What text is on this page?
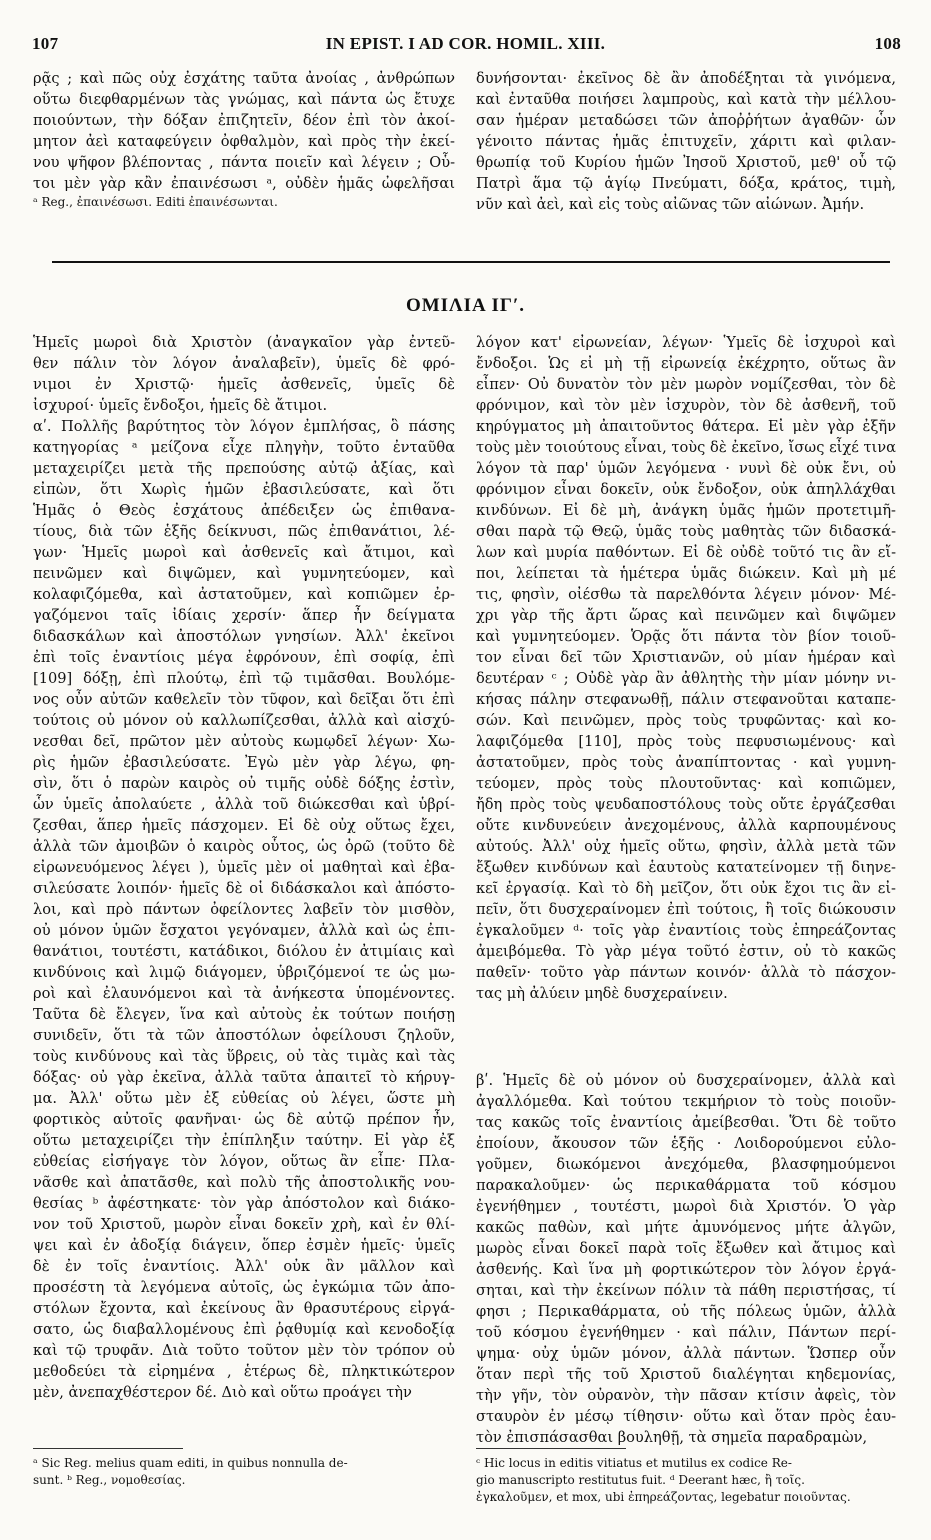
107	IN EPIST. I AD COR. HOMIL. XIII.	108
ρᾷς ; καὶ πῶς οὐχ ἐσχάτης ταῦτα ἀνοίας , ἀνθρώπων
οὕτω διεφθαρμένων τὰς γνώμας, καὶ πάντα ὡς ἔτυχε
ποιούντων, τὴν δόξαν ἐπιζητεῖν, δέον ἐπὶ τὸν ἀκοί-
μητον ἀεὶ καταφεύγειν ὀφθαλμὸν, καὶ πρὸς τὴν ἐκεί-
νου ψῆφον βλέποντας , πάντα ποιεῖν καὶ λέγειν ; Οὗ-
τοι μὲν γὰρ κἂν ἐπαινέσωσι ᵃ, οὐδὲν ἡμᾶς ὠφελῆσαι
ᵃ Reg., ἐπαινέσωσι. Editi ἐπαινέσωνται.
δυνήσονται· ἐκεῖνος δὲ ἂν ἀποδέξηται τὰ γινόμενα,
καὶ ἐνταῦθα ποιήσει λαμπροὺς, καὶ κατὰ τὴν μέλλου-
σαν ἡμέραν μεταδώσει τῶν ἀποῤῥήτων ἀγαθῶν· ὧν
γένοιτο πάντας ἡμᾶς ἐπιτυχεῖν, χάριτι καὶ φιλαν-
θρωπίᾳ τοῦ Κυρίου ἡμῶν Ἰησοῦ Χριστοῦ, μεθ' οὗ τῷ
Πατρὶ ἅμα τῷ ἁγίῳ Πνεύματι, δόξα, κράτος, τιμὴ,
νῦν καὶ ἀεὶ, καὶ εἰς τοὺς αἰῶνας τῶν αἰώνων. Ἀμήν.
ΟΜΙΛΙΑ ΙΓʹ.
Ἡμεῖς μωροὶ διὰ Χριστὸν (ἀναγκαῖον γὰρ ἐντεῦ-
θεν πάλιν τὸν λόγον ἀναλαβεῖν), ὑμεῖς δὲ φρό-
νιμοι ἐν Χριστῷ· ἡμεῖς ἀσθενεῖς, ὑμεῖς δὲ
ἰσχυροί· ὑμεῖς ἔνδοξοι, ἡμεῖς δὲ ἄτιμοι.
αʹ. Πολλῆς βαρύτητος τὸν λόγον ἐμπλήσας, ὃ πάσης
κατηγορίας ᵃ μείζονα εἶχε πληγὴν, τοῦτο ἐνταῦθα
μεταχειρίζει μετὰ τῆς πρεπούσης αὐτῷ ἀξίας, καὶ
εἰπὼν, ὅτι Χωρὶς ἡμῶν ἐβασιλεύσατε, καὶ ὅτι
Ἡμᾶς ὁ Θεὸς ἐσχάτους ἀπέδειξεν ὡς ἐπιθανα-
τίους, διὰ τῶν ἑξῆς δείκνυσι, πῶς ἐπιθανάτιοι, λέ-
γων· Ἡμεῖς μωροὶ καὶ ἀσθενεῖς καὶ ἄτιμοι, καὶ
πεινῶμεν καὶ διψῶμεν, καὶ γυμνητεύομεν, καὶ
κολαφιζόμεθα, καὶ ἀστατοῦμεν, καὶ κοπιῶμεν ἐρ-
γαζόμενοι ταῖς ἰδίαις χερσίν· ἅπερ ἦν δείγματα
διδασκάλων καὶ ἀποστόλων γνησίων. Ἀλλ' ἐκεῖνοι
ἐπὶ τοῖς ἐναντίοις μέγα ἐφρόνουν, ἐπὶ σοφίᾳ, ἐπὶ
[109] δόξῃ, ἐπὶ πλούτῳ, ἐπὶ τῷ τιμᾶσθαι. Βουλόμε-
νος οὖν αὐτῶν καθελεῖν τὸν τῦφον, καὶ δεῖξαι ὅτι ἐπὶ
τούτοις οὐ μόνον οὐ καλλωπίζεσθαι, ἀλλὰ καὶ αἰσχύ-
νεσθαι δεῖ, πρῶτον μὲν αὐτοὺς κωμῳδεῖ λέγων· Χω-
ρὶς ἡμῶν ἐβασιλεύσατε. Ἐγὼ μὲν γὰρ λέγω, φη-
σὶν, ὅτι ὁ παρὼν καιρὸς οὐ τιμῆς οὐδὲ δόξης ἐστὶν,
ὧν ὑμεῖς ἀπολαύετε , ἀλλὰ τοῦ διώκεσθαι καὶ ὑβρί-
ζεσθαι, ἅπερ ἡμεῖς πάσχομεν. Εἰ δὲ οὐχ οὕτως ἔχει,
ἀλλὰ τῶν ἀμοιβῶν ὁ καιρὸς οὗτος, ὡς ὁρῶ (τοῦτο δὲ
εἰρωνευόμενος λέγει ), ὑμεῖς μὲν οἱ μαθηταὶ καὶ ἐβα-
σιλεύσατε λοιπόν· ἡμεῖς δὲ οἱ διδάσκαλοι καὶ ἀπόστο-
λοι, καὶ πρὸ πάντων ὀφείλοντες λαβεῖν τὸν μισθὸν,
οὐ μόνον ὑμῶν ἔσχατοι γεγόναμεν, ἀλλὰ καὶ ὡς ἐπι-
θανάτιοι, τουτέστι, κατάδικοι, διόλου ἐν ἀτιμίαις καὶ
κινδύνοις καὶ λιμῷ διάγομεν, ὑβριζόμενοί τε ὡς μω-
ροὶ καὶ ἐλαυνόμενοι καὶ τὰ ἀνήκεστα ὑπομένοντες.
Ταῦτα δὲ ἔλεγεν, ἵνα καὶ αὐτοὺς ἐκ τούτων ποιήσῃ
συνιδεῖν, ὅτι τὰ τῶν ἀποστόλων ὀφείλουσι ζηλοῦν,
τοὺς κινδύνους καὶ τὰς ὕβρεις, οὐ τὰς τιμὰς καὶ τὰς
δόξας· οὐ γὰρ ἐκεῖνα, ἀλλὰ ταῦτα ἀπαιτεῖ τὸ κήρυγ-
μα. Ἀλλ' οὕτω μὲν ἐξ εὐθείας οὐ λέγει, ὥστε μὴ
φορτικὸς αὐτοῖς φανῆναι· ὡς δὲ αὐτῷ πρέπον ἦν,
οὕτω μεταχειρίζει τὴν ἐπίπληξιν ταύτην. Εἰ γὰρ ἐξ
εὐθείας εἰσήγαγε τὸν λόγον, οὕτως ἂν εἶπε· Πλα-
νᾶσθε καὶ ἀπατᾶσθε, καὶ πολὺ τῆς ἀποστολικῆς νου-
θεσίας ᵇ ἀφέστηκατε· τὸν γὰρ ἀπόστολον καὶ διάκο-
νον τοῦ Χριστοῦ, μωρὸν εἶναι δοκεῖν χρὴ, καὶ ἐν θλί-
ψει καὶ ἐν ἀδοξίᾳ διάγειν, ὅπερ ἐσμὲν ἡμεῖς· ὑμεῖς
δὲ ἐν τοῖς ἐναντίοις. Ἀλλ' οὐκ ἂν μᾶλλον καὶ
προσέστη τὰ λεγόμενα αὐτοῖς, ὡς ἐγκώμια τῶν ἀπο-
στόλων ἔχοντα, καὶ ἐκείνους ἂν θρασυτέρους εἰργά-
σατο, ὡς διαβαλλομένους ἐπὶ ῥᾳθυμίᾳ καὶ κενοδοξίᾳ
καὶ τῷ τρυφᾶν. Διὰ τοῦτο τοῦτον μὲν τὸν τρόπον οὐ
μεθοδεύει τὰ εἰρημένα , ἑτέρως δὲ, πληκτικώτερον
μὲν, ἀνεπαχθέστερον δέ. Διὸ καὶ οὕτω προάγει τὴν
λόγον κατ' εἰρωνείαν, λέγων· Ὑμεῖς δὲ ἰσχυροὶ καὶ
ἔνδοξοι. Ὡς εἰ μὴ τῇ εἰρωνείᾳ ἐκέχρητο, οὕτως ἂν
εἶπεν· Οὐ δυνατὸν τὸν μὲν μωρὸν νομίζεσθαι, τὸν δὲ
φρόνιμον, καὶ τὸν μὲν ἰσχυρὸν, τὸν δὲ ἀσθενῆ, τοῦ
κηρύγματος μὴ ἀπαιτοῦντος θάτερα. Εἰ μὲν γὰρ ἐξῆν
τοὺς μὲν τοιούτους εἶναι, τοὺς δὲ ἐκεῖνο, ἴσως εἶχέ τινα
λόγον τὰ παρ' ὑμῶν λεγόμενα · νυνὶ δὲ οὐκ ἔνι, οὐ
φρόνιμον εἶναι δοκεῖν, οὐκ ἔνδοξον, οὐκ ἀπηλλάχθαι
κινδύνων. Εἰ δὲ μὴ, ἀνάγκη ὑμᾶς ἡμῶν προτετιμῆ-
σθαι παρὰ τῷ Θεῷ, ὑμᾶς τοὺς μαθητὰς τῶν διδασκά-
λων καὶ μυρία παθόντων. Εἰ δὲ οὐδὲ τοῦτό τις ἂν εἴ-
ποι, λείπεται τὰ ἡμέτερα ὑμᾶς διώκειν. Καὶ μὴ μέ
τις, φησὶν, οἰέσθω τὰ παρελθόντα λέγειν μόνον· Μέ-
χρι γὰρ τῆς ἄρτι ὥρας καὶ πεινῶμεν καὶ διψῶμεν
καὶ γυμνητεύομεν. Ὁρᾷς ὅτι πάντα τὸν βίον τοιοῦ-
τον εἶναι δεῖ τῶν Χριστιανῶν, οὐ μίαν ἡμέραν καὶ
δευτέραν ᶜ ; Οὐδὲ γὰρ ἂν ἀθλητὴς τὴν μίαν μόνην νι-
κήσας πάλην στεφανωθῇ, πάλιν στεφανοῦται καταπε-
σών. Καὶ πεινῶμεν, πρὸς τοὺς τρυφῶντας· καὶ κο-
λαφιζόμεθα [110], πρὸς τοὺς πεφυσιωμένους· καὶ
ἀστατοῦμεν, πρὸς τοὺς ἀναπίπτοντας · καὶ γυμνη-
τεύομεν, πρὸς τοὺς πλουτοῦντας· καὶ κοπιῶμεν,
ἤδη πρὸς τοὺς ψευδαποστόλους τοὺς οὔτε ἐργάζεσθαι
οὔτε κινδυνεύειν ἀνεχομένους, ἀλλὰ καρπουμένους
αὐτούς. Ἀλλ' οὐχ ἡμεῖς οὕτω, φησὶν, ἀλλὰ μετὰ τῶν
ἔξωθεν κινδύνων καὶ ἑαυτοὺς κατατείνομεν τῇ διηνε-
κεῖ ἐργασίᾳ. Καὶ τὸ δὴ μεῖζον, ὅτι οὐκ ἔχοι τις ἂν εἰ-
πεῖν, ὅτι δυσχεραίνομεν ἐπὶ τούτοις, ἢ τοῖς διώκουσιν
ἐγκαλοῦμεν ᵈ· τοῖς γὰρ ἐναντίοις τοὺς ἐπηρεάζοντας
ἀμειβόμεθα. Τὸ γὰρ μέγα τοῦτό ἐστιν, οὐ τὸ κακῶς
παθεῖν· τοῦτο γὰρ πάντων κοινόν· ἀλλὰ τὸ πάσχον-
τας μὴ ἀλύειν μηδὲ δυσχεραίνειν.
βʹ. Ἡμεῖς δὲ οὐ μόνον οὐ δυσχεραίνομεν, ἀλλὰ καὶ
ἀγαλλόμεθα. Καὶ τούτου τεκμήριον τὸ τοὺς ποιοῦν-
τας κακῶς τοῖς ἐναντίοις ἀμείβεσθαι. Ὅτι δὲ τοῦτο
ἐποίουν, ἄκουσον τῶν ἑξῆς · Λοιδορούμενοι εὐλο-
γοῦμεν, διωκόμενοι ἀνεχόμεθα, βλασφημούμενοι
παρακαλοῦμεν· ὡς περικαθάρματα τοῦ κόσμου
ἐγενήθημεν , τουτέστι, μωροὶ διὰ Χριστόν. Ὁ γὰρ
κακῶς παθὼν, καὶ μήτε ἀμυνόμενος μήτε ἀλγῶν,
μωρὸς εἶναι δοκεῖ παρὰ τοῖς ἔξωθεν καὶ ἄτιμος καὶ
ἀσθενής. Καὶ ἵνα μὴ φορτικώτερον τὸν λόγον ἐργά-
σηται, καὶ τὴν ἐκείνων πόλιν τὰ πάθη περιστήσας, τί
φησι ; Περικαθάρματα, οὐ τῆς πόλεως ὑμῶν, ἀλλὰ
τοῦ κόσμου ἐγενήθημεν · καὶ πάλιν, Πάντων περί-
ψημα· οὐχ ὑμῶν μόνον, ἀλλὰ πάντων. Ὥσπερ οὖν
ὅταν περὶ τῆς τοῦ Χριστοῦ διαλέγηται κηδεμονίας,
τὴν γῆν, τὸν οὐρανὸν, τὴν πᾶσαν κτίσιν ἀφεὶς, τὸν
σταυρὸν ἐν μέσῳ τίθησιν· οὕτω καὶ ὅταν πρὸς ἑαυ-
τὸν ἐπισπάσασθαι βουληθῇ, τὰ σημεῖα παραδραμὼν,
ᵃ Sic Reg. melius quam editi, in quibus nonnulla de-
sunt. ᵇ Reg., νομοθεσίας.
ᶜ Hic locus in editis vitiatus et mutilus ex codice Re-
gio manuscripto restitutus fuit. ᵈ Deerant hæc, ἢ τοῖς.
ἐγκαλοῦμεν, et mox, ubi ἐπηρεάζοντας, legebatur ποιοῦντας.
